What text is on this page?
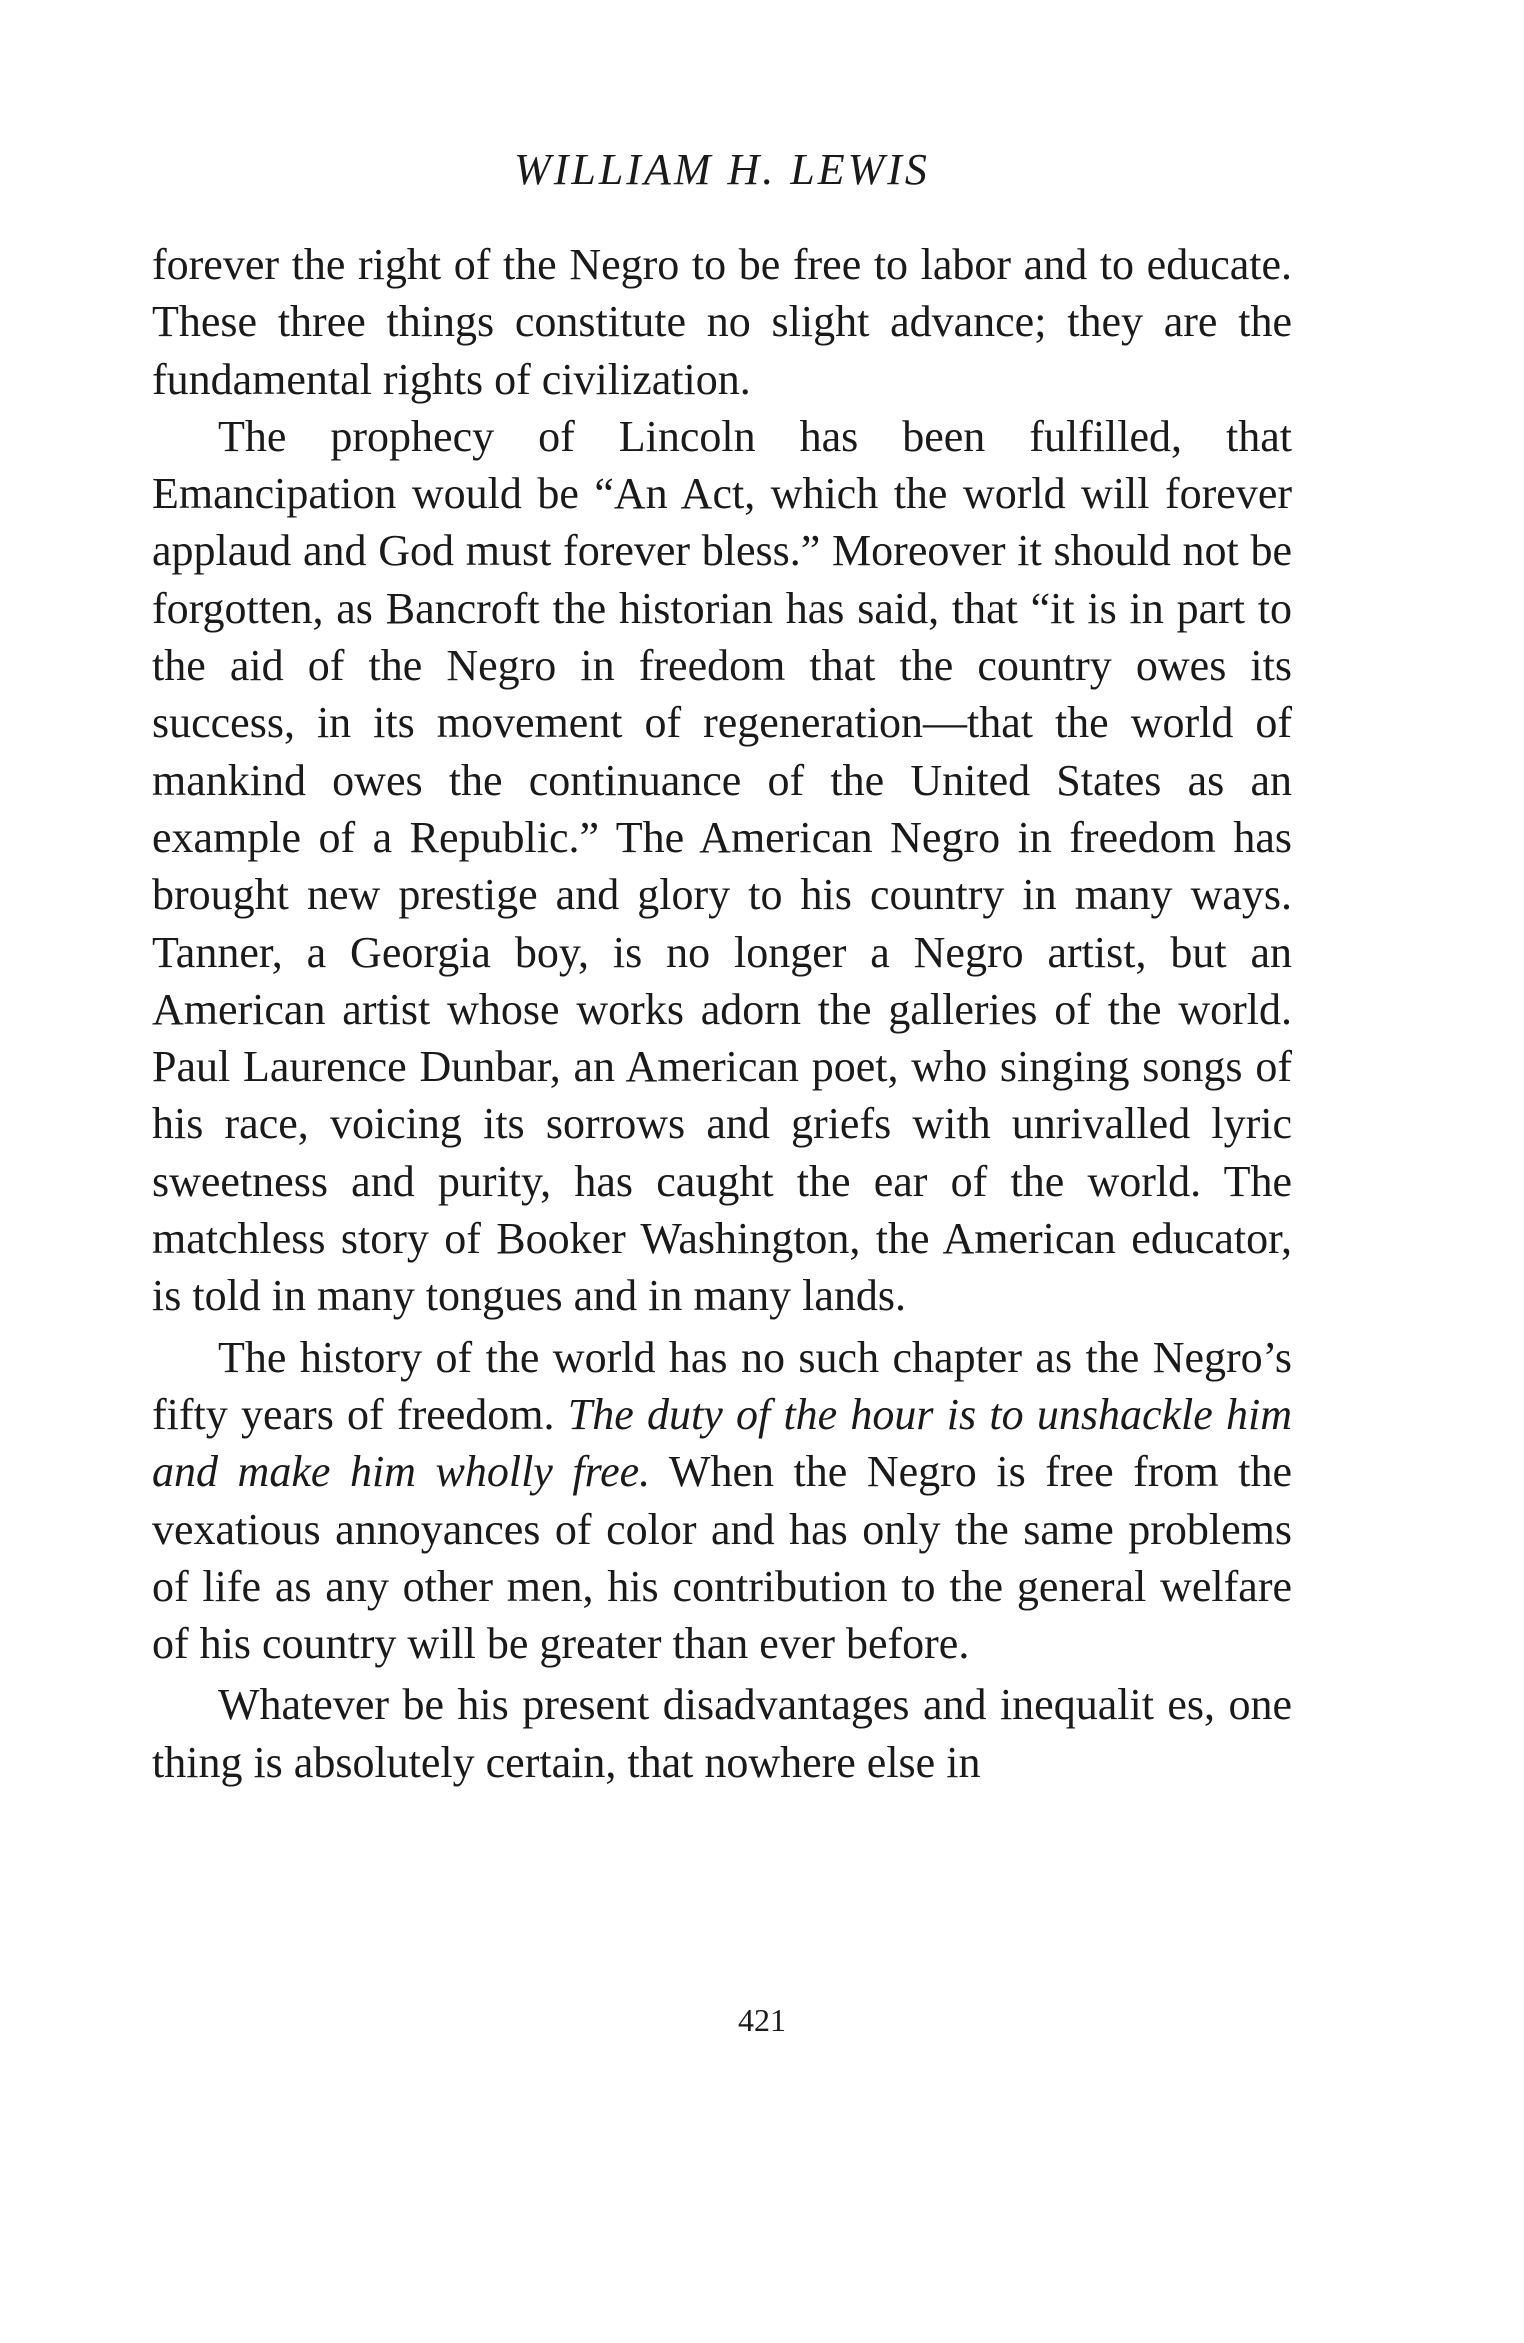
WILLIAM H. LEWIS

forever the right of the Negro to be free to labor and to educate. These three things constitute no slight advance; they are the fundamental rights of civilization.

The prophecy of Lincoln has been fulfilled, that Emancipation would be “An Act, which the world will forever applaud and God must forever bless.” Moreover it should not be forgotten, as Bancroft the historian has said, that “it is in part to the aid of the Negro in freedom that the country owes its success, in its movement of regeneration—that the world of mankind owes the continuance of the United States as an example of a Republic.” The American Negro in freedom has brought new prestige and glory to his country in many ways. Tanner, a Georgia boy, is no longer a Negro artist, but an American artist whose works adorn the galleries of the world. Paul Laurence Dunbar, an American poet, who singing songs of his race, voicing its sorrows and griefs with unrivalled lyric sweetness and purity, has caught the ear of the world. The matchless story of Booker Washington, the American educator, is told in many tongues and in many lands.

The history of the world has no such chapter as the Negro’s fifty years of freedom. The duty of the hour is to unshackle him and make him wholly free. When the Negro is free from the vexatious annoyances of color and has only the same problems of life as any other men, his contribution to the general welfare of his country will be greater than ever before.

Whatever be his present disadvantages and inequalit es, one thing is absolutely certain, that nowhere else in

421
